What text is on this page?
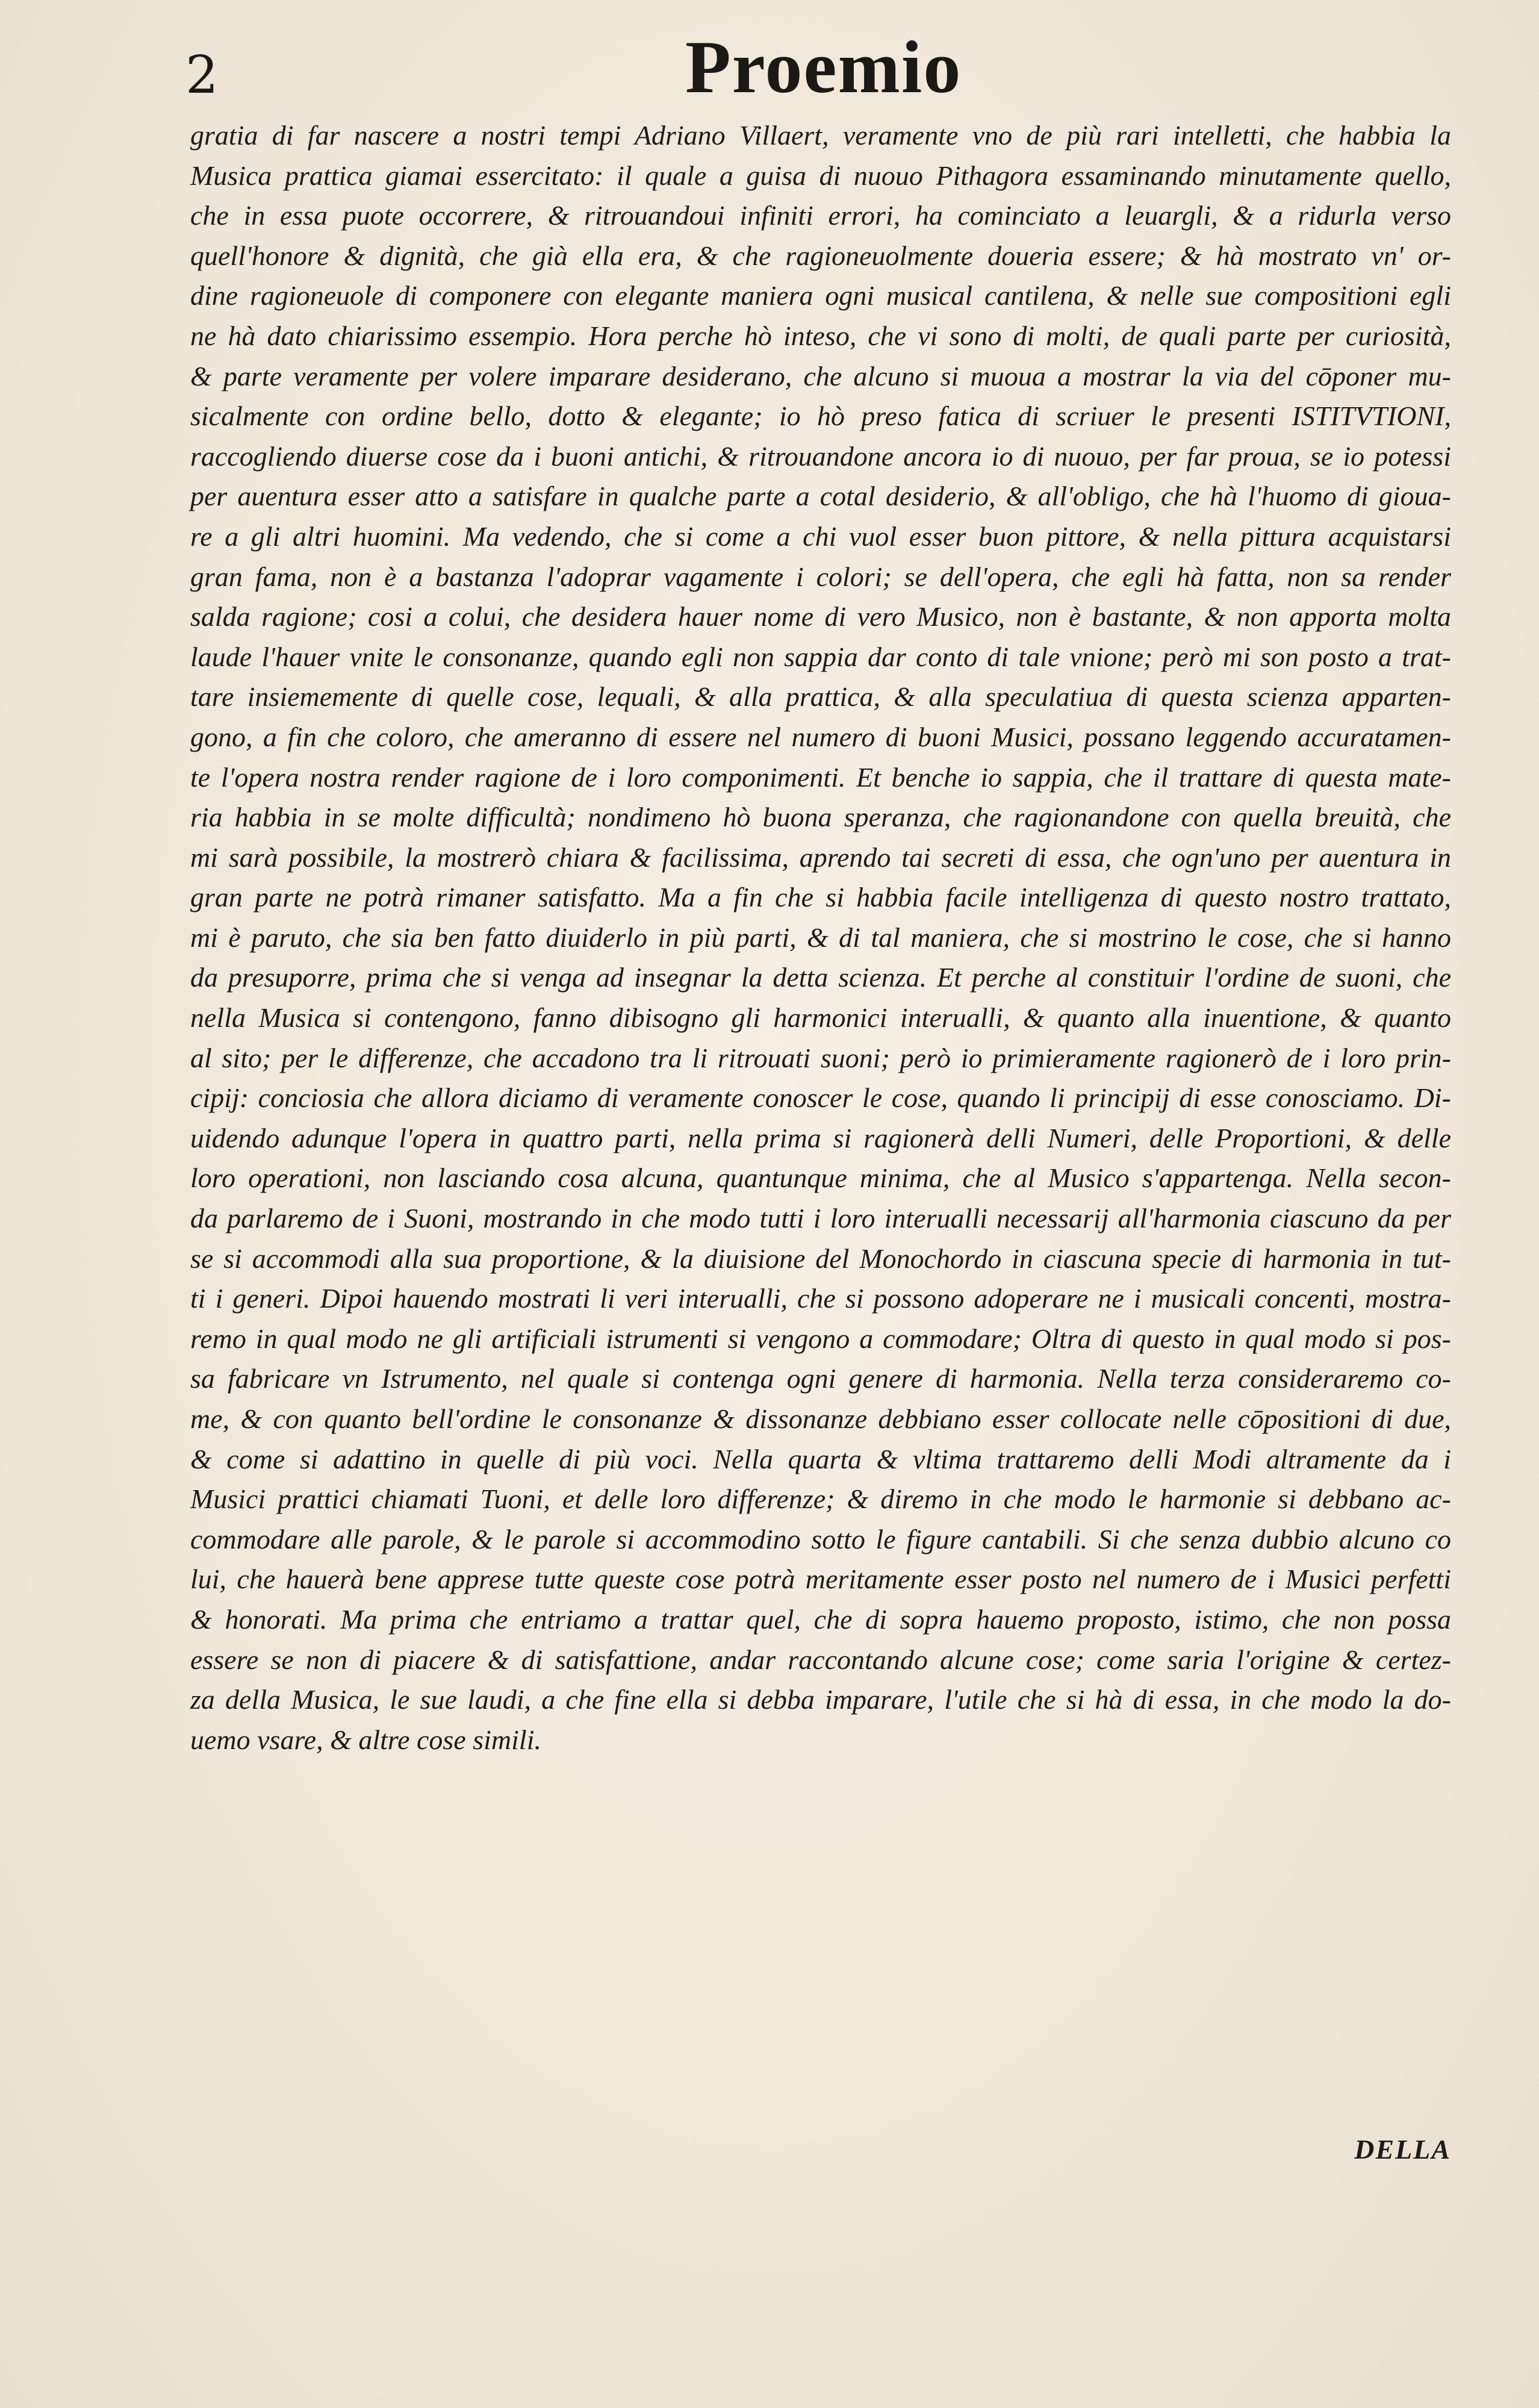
2	Proemio
gratia di far nascere a nostri tempi Adriano Villaert, veramente vno de più rari intelletti, che habbia la
Musica prattica giamai essercitato: il quale a guisa di nuouo Pithagora essaminando minutamente quello,
che in essa puote occorrere, & ritrouandoui infiniti errori, ha cominciato a leuargli, & a ridurla verso
quell'honore & dignità, che già ella era, & che ragioneuolmente doueria essere; & hà mostrato vn' or-
dine ragioneuole di componere con elegante maniera ogni musical cantilena, & nelle sue compositioni egli
ne hà dato chiarissimo essempio. Hora perche hò inteso, che vi sono di molti, de quali parte per curiosità,
& parte veramente per volere imparare desiderano, che alcuno si muoua a mostrar la via del cōponer mu-
sicalmente con ordine bello, dotto & elegante; io hò preso fatica di scriuer le presenti ISTITVTIONI,
raccogliendo diuerse cose da i buoni antichi, & ritrouandone ancora io di nuouo, per far proua, se io potessi
per auentura esser atto a satisfare in qualche parte a cotal desiderio, & all'obligo, che hà l'huomo di gioua-
re a gli altri huomini. Ma vedendo, che si come a chi vuol esser buon pittore, & nella pittura acquistarsi
gran fama, non è a bastanza l'adoprar vagamente i colori; se dell'opera, che egli hà fatta, non sa render
salda ragione; cosi a colui, che desidera hauer nome di vero Musico, non è bastante, & non apporta molta
laude l'hauer vnite le consonanze, quando egli non sappia dar conto di tale vnione; però mi son posto a trat-
tare insiememente di quelle cose, lequali, & alla prattica, & alla speculatiua di questa scienza apparten-
gono, a fin che coloro, che ameranno di essere nel numero di buoni Musici, possano leggendo accuratamen-
te l'opera nostra render ragione de i loro componimenti. Et benche io sappia, che il trattare di questa mate-
ria habbia in se molte difficultà; nondimeno hò buona speranza, che ragionandone con quella breuità, che
mi sarà possibile, la mostrerò chiara & facilissima, aprendo tai secreti di essa, che ogn'uno per auentura in
gran parte ne potrà rimaner satisfatto. Ma a fin che si habbia facile intelligenza di questo nostro trattato,
mi è paruto, che sia ben fatto diuiderlo in più parti, & di tal maniera, che si mostrino le cose, che si hanno
da presuporre, prima che si venga ad insegnar la detta scienza. Et perche al constituir l'ordine de suoni, che
nella Musica si contengono, fanno dibisogno gli harmonici interualli, & quanto alla inuentione, & quanto
al sito; per le differenze, che accadono tra li ritrouati suoni; però io primieramente ragionerò de i loro prin-
cipij: conciosia che allora diciamo di veramente conoscer le cose, quando li principij di esse conosciamo. Di-
uidendo adunque l'opera in quattro parti, nella prima si ragionerà delli Numeri, delle Proportioni, & delle
loro operationi, non lasciando cosa alcuna, quantunque minima, che al Musico s'appartenga. Nella secon-
da parlaremo de i Suoni, mostrando in che modo tutti i loro interualli necessarij all'harmonia ciascuno da per
se si accommodi alla sua proportione, & la diuisione del Monochordo in ciascuna specie di harmonia in tut-
ti i generi. Dipoi hauendo mostrati li veri interualli, che si possono adoperare ne i musicali concenti, mostra-
remo in qual modo ne gli artificiali istrumenti si vengono a commodare; Oltra di questo in qual modo si pos-
sa fabricare vn Istrumento, nel quale si contenga ogni genere di harmonia. Nella terza consideraremo co-
me, & con quanto bell'ordine le consonanze & dissonanze debbiano esser collocate nelle cōpositioni di due,
& come si adattino in quelle di più voci. Nella quarta & vltima trattaremo delli Modi altramente da i
Musici prattici chiamati Tuoni, et delle loro differenze; & diremo in che modo le harmonie si debbano ac-
commodare alle parole, & le parole si accommodino sotto le figure cantabili. Si che senza dubbio alcuno co
lui, che hauerà bene apprese tutte queste cose potrà meritamente esser posto nel numero de i Musici perfetti
& honorati. Ma prima che entriamo a trattar quel, che di sopra hauemo proposto, istimo, che non possa
essere se non di piacere & di satisfattione, andar raccontando alcune cose; come saria l'origine & certez-
za della Musica, le sue laudi, a che fine ella si debba imparare, l'utile che si hà di essa, in che modo la do-
uemo vsare, & altre cose simili.

DELLA
